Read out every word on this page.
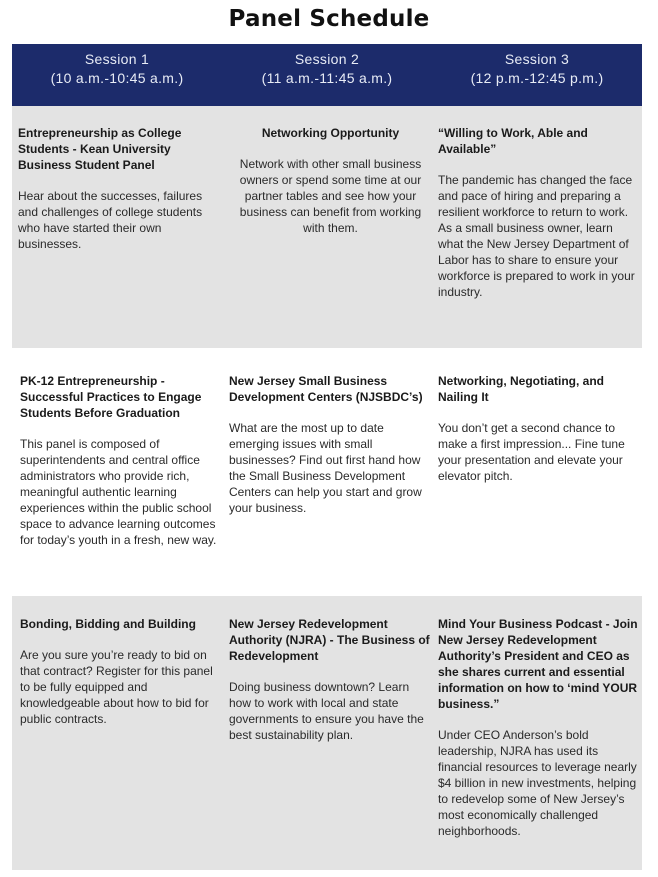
Panel Schedule
Session 1
(10 a.m.-10:45 a.m.)
Session 2
(11 a.m.-11:45 a.m.)
Session 3
(12 p.m.-12:45 p.m.)
Entrepreneurship as College Students - Kean University Business Student Panel
Hear about the successes, failures and challenges of college students who have started their own businesses.
Networking Opportunity
Network with other small business owners or spend some time at our partner tables and see how your business can benefit from working with them.
“Willing to Work, Able and Available”
The pandemic has changed the face and pace of hiring and preparing a resilient workforce to return to work. As a small business owner, learn what the New Jersey Department of Labor has to share to ensure your workforce is prepared to work in your industry.
PK-12 Entrepreneurship - Successful Practices to Engage Students Before Graduation
This panel is composed of superintendents and central office administrators who provide rich, meaningful authentic learning experiences within the public school space to advance learning outcomes for today’s youth in a fresh, new way.
New Jersey Small Business Development Centers (NJSBDC’s)
What are the most up to date emerging issues with small businesses? Find out first hand how the Small Business Development Centers can help you start and grow your business.
Networking, Negotiating, and Nailing It
You don’t get a second chance to make a first impression... Fine tune your presentation and elevate your elevator pitch.
Bonding, Bidding and Building
Are you sure you’re ready to bid on that contract? Register for this panel to be fully equipped and knowledgeable about how to bid for public contracts.
New Jersey Redevelopment Authority (NJRA) - The Business of Redevelopment
Doing business downtown? Learn how to work with local and state governments to ensure you have the best sustainability plan.
Mind Your Business Podcast - Join New Jersey Redevelopment Authority’s President and CEO as she shares current and essential information on how to ‘mind YOUR business.”
Under CEO Anderson’s bold leadership, NJRA has used its financial resources to leverage nearly $4 billion in new investments, helping to redevelop some of New Jersey’s most economically challenged neighborhoods.
